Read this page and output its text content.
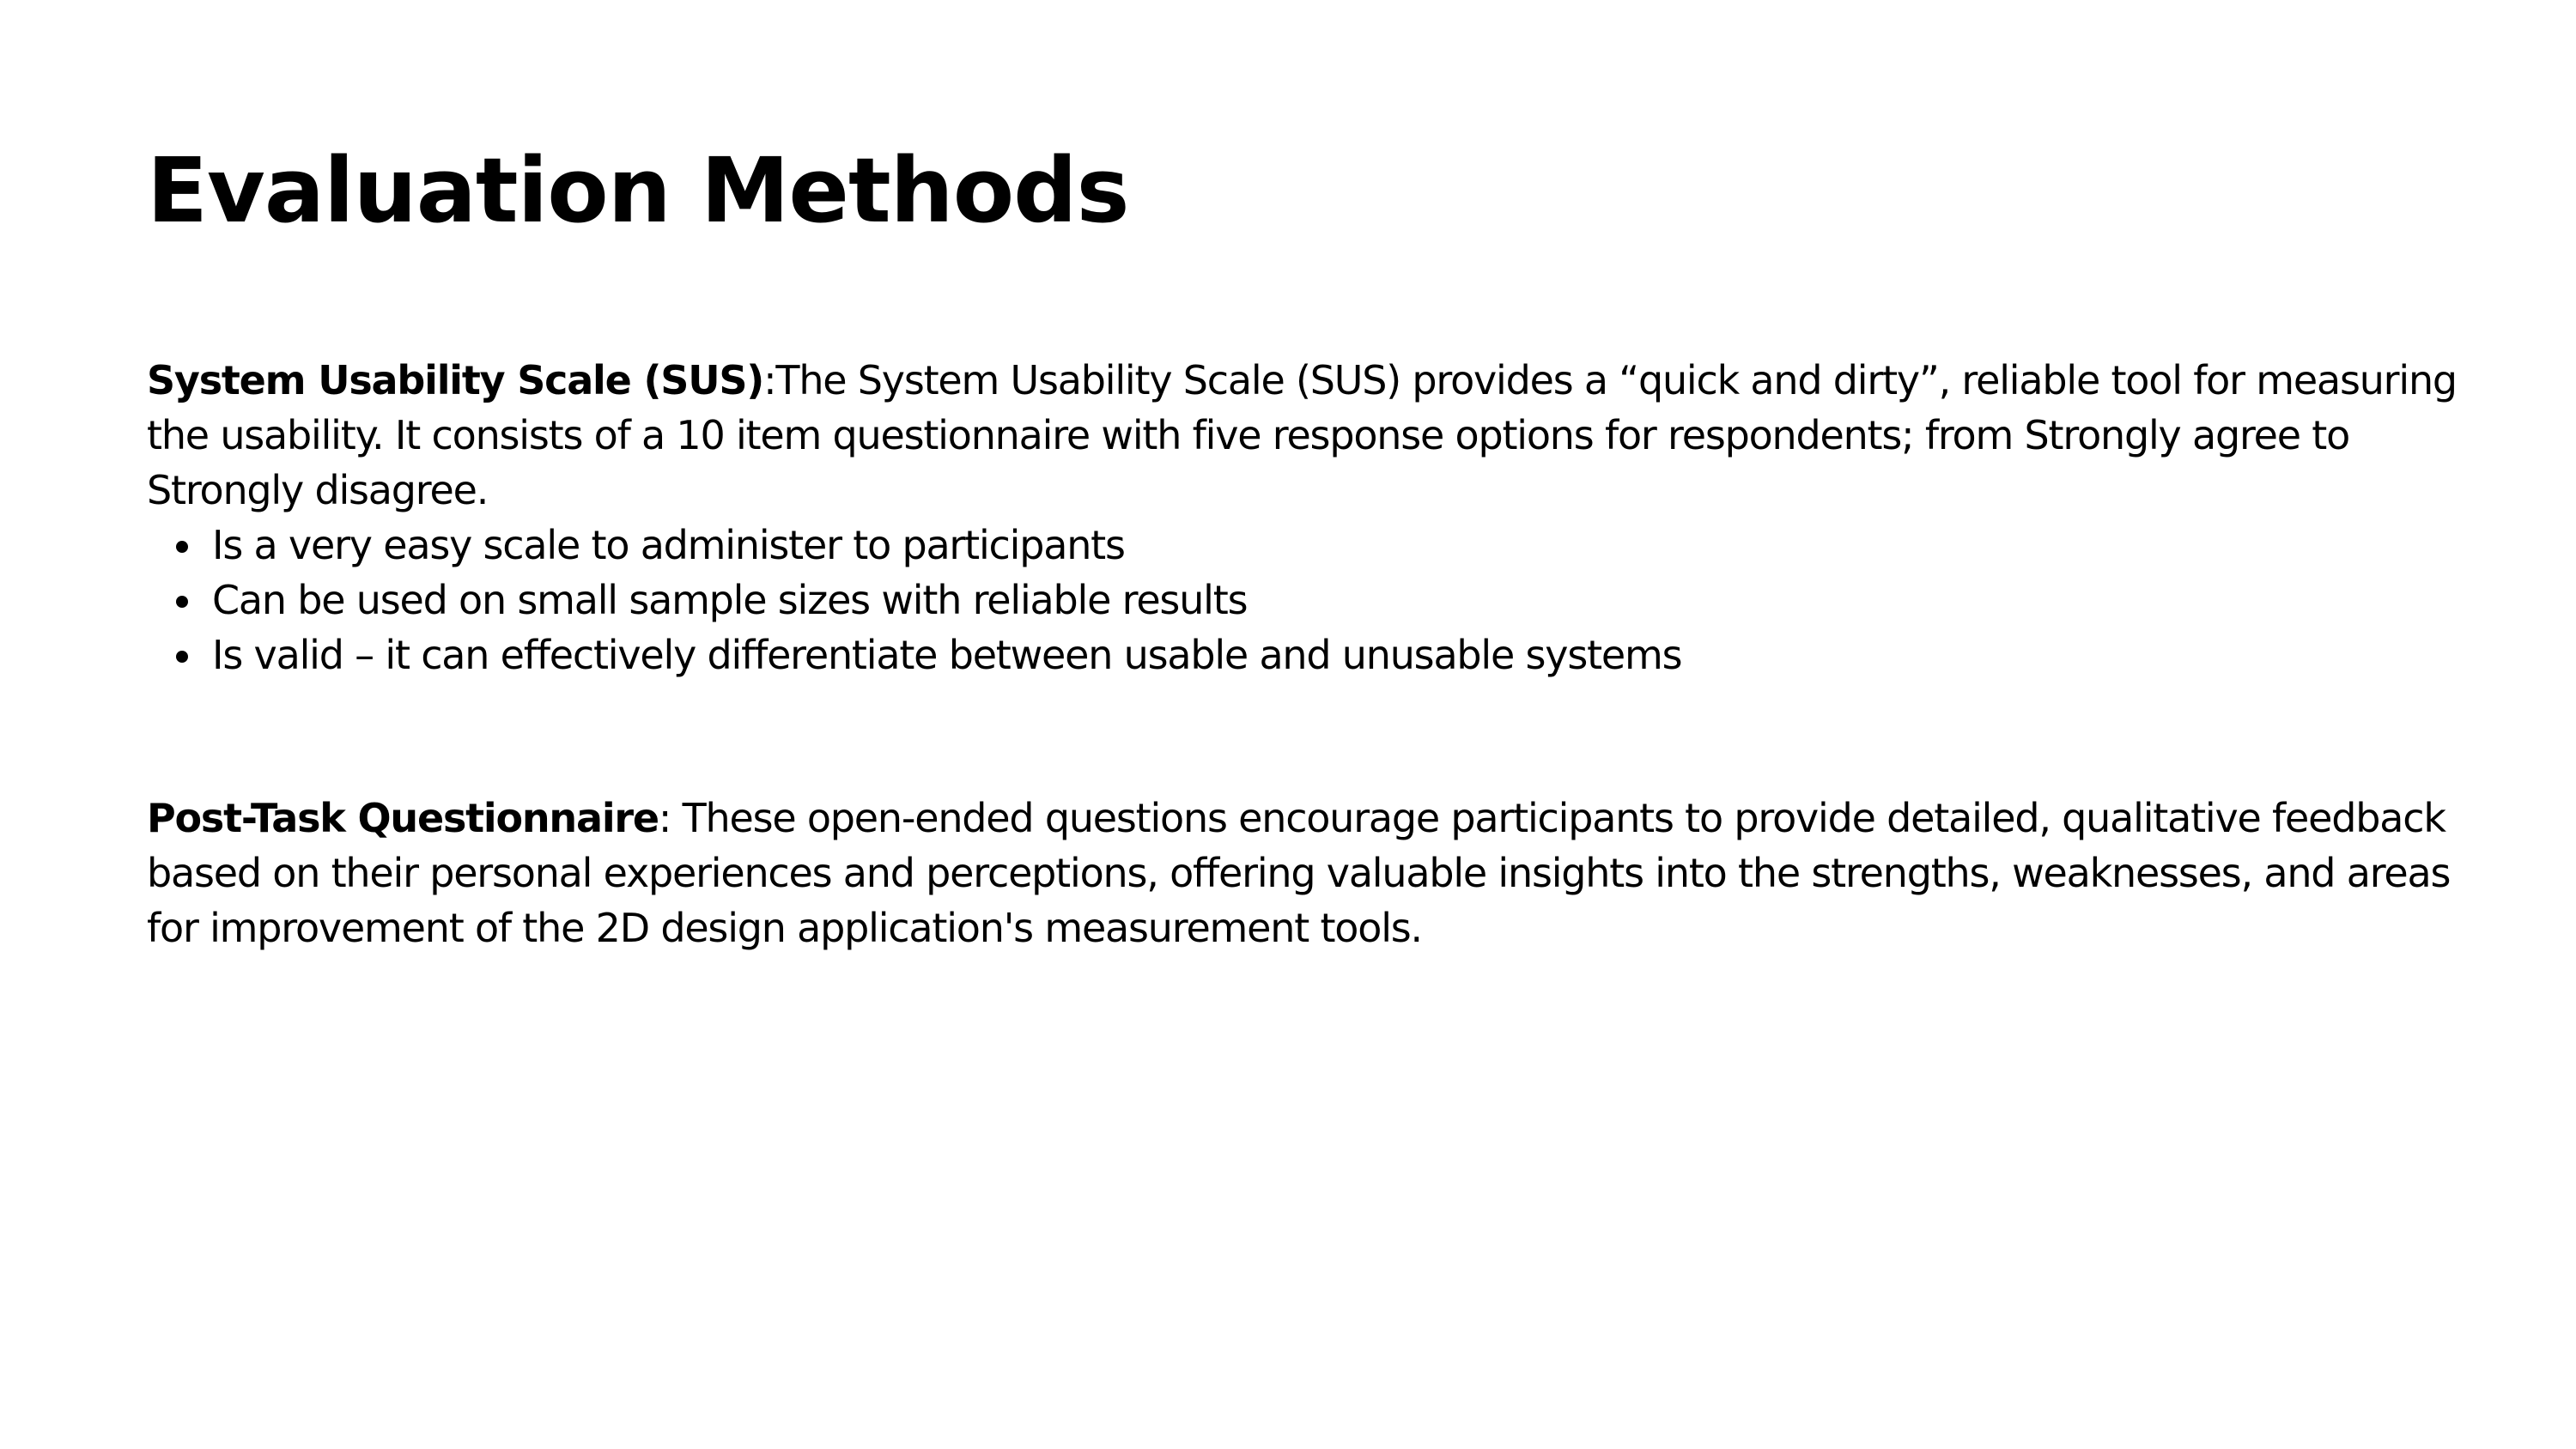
Evaluation Methods

System Usability Scale (SUS):The System Usability Scale (SUS) provides a “quick and dirty”, reliable tool for measuring the usability. It consists of a 10 item questionnaire with five response options for respondents; from Strongly agree to Strongly disagree.

Is a very easy scale to administer to participants
Can be used on small sample sizes with reliable results
Is valid – it can effectively differentiate between usable and unusable systems

Post-Task Questionnaire: These open-ended questions encourage participants to provide detailed, qualitative feedback based on their personal experiences and perceptions, offering valuable insights into the strengths, weaknesses, and areas for improvement of the 2D design application's measurement tools.
